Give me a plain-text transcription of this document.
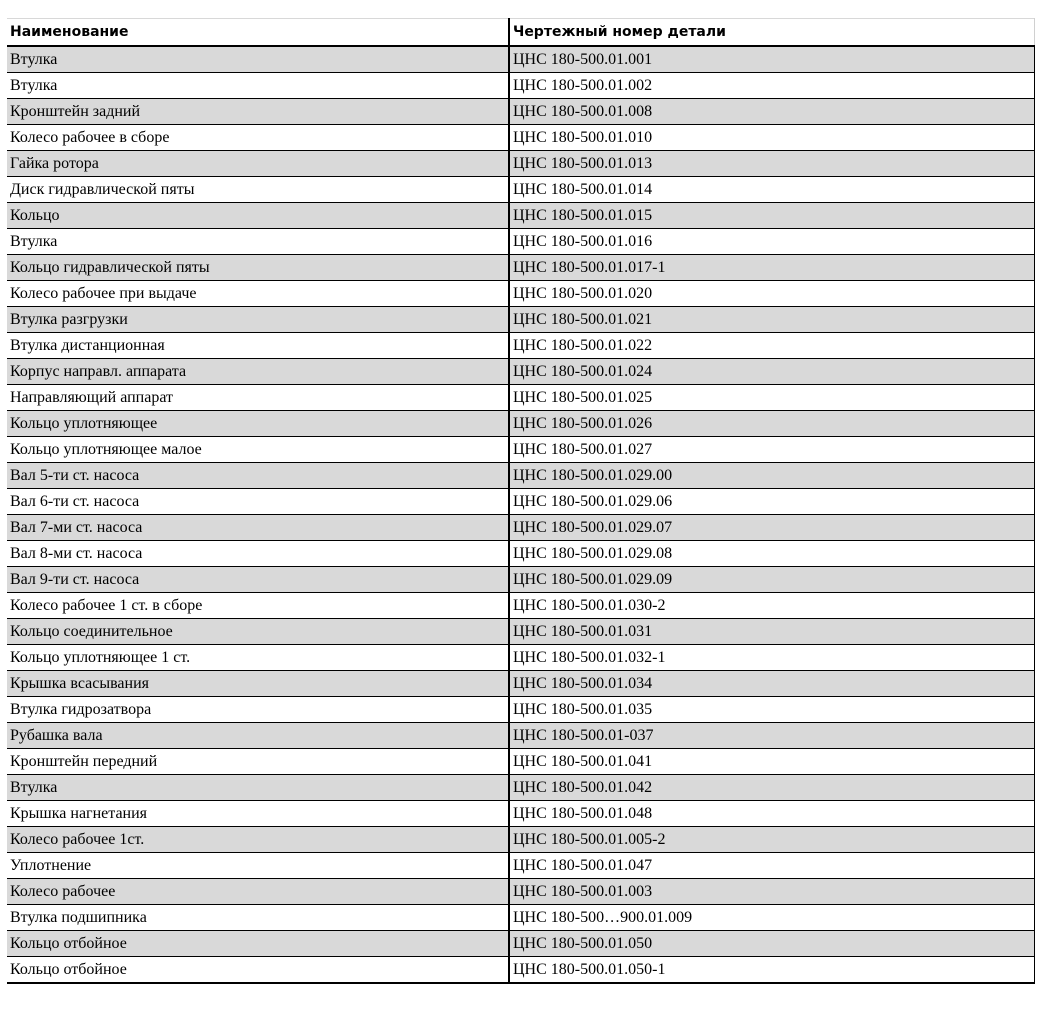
Наименование	Чертежный номер детали
Втулка	ЦНС 180-500.01.001
Втулка	ЦНС 180-500.01.002
Кронштейн задний	ЦНС 180-500.01.008
Колесо рабочее в сборе	ЦНС 180-500.01.010
Гайка ротора	ЦНС 180-500.01.013
Диск гидравлической пяты	ЦНС 180-500.01.014
Кольцо	ЦНС 180-500.01.015
Втулка	ЦНС 180-500.01.016
Кольцо гидравлической пяты	ЦНС 180-500.01.017-1
Колесо рабочее при выдаче	ЦНС 180-500.01.020
Втулка разгрузки	ЦНС 180-500.01.021
Втулка дистанционная	ЦНС 180-500.01.022
Корпус направл. аппарата	ЦНС 180-500.01.024
Направляющий аппарат	ЦНС 180-500.01.025
Кольцо уплотняющее	ЦНС 180-500.01.026
Кольцо уплотняющее малое	ЦНС 180-500.01.027
Вал 5-ти ст. насоса	ЦНС 180-500.01.029.00
Вал 6-ти ст. насоса	ЦНС 180-500.01.029.06
Вал 7-ми ст. насоса	ЦНС 180-500.01.029.07
Вал 8-ми ст. насоса	ЦНС 180-500.01.029.08
Вал 9-ти ст. насоса	ЦНС 180-500.01.029.09
Колесо рабочее 1 ст. в сборе	ЦНС 180-500.01.030-2
Кольцо соединительное	ЦНС 180-500.01.031
Кольцо уплотняющее 1 ст.	ЦНС 180-500.01.032-1
Крышка всасывания	ЦНС 180-500.01.034
Втулка гидрозатвора	ЦНС 180-500.01.035
Рубашка вала	ЦНС 180-500.01-037
Кронштейн передний	ЦНС 180-500.01.041
Втулка	ЦНС 180-500.01.042
Крышка нагнетания	ЦНС 180-500.01.048
Колесо рабочее 1ст.	ЦНС 180-500.01.005-2
Уплотнение	ЦНС 180-500.01.047
Колесо рабочее	ЦНС 180-500.01.003
Втулка подшипника	ЦНС 180-500…900.01.009
Кольцо отбойное	ЦНС 180-500.01.050
Кольцо отбойное	ЦНС 180-500.01.050-1
